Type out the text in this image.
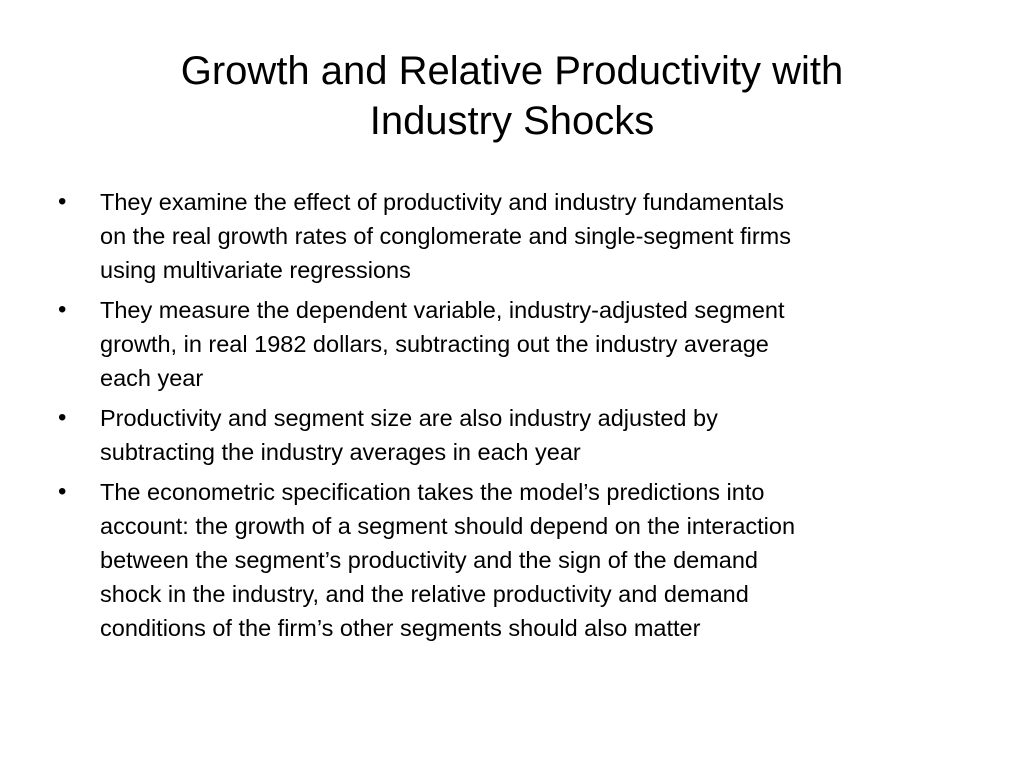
Growth and Relative Productivity with
Industry Shocks
• They examine the effect of productivity and industry fundamentals
on the real growth rates of conglomerate and single-segment firms
using multivariate regressions
• They measure the dependent variable, industry-adjusted segment
growth, in real 1982 dollars, subtracting out the industry average
each year
• Productivity and segment size are also industry adjusted by
subtracting the industry averages in each year
• The econometric specification takes the model’s predictions into
account: the growth of a segment should depend on the interaction
between the segment’s productivity and the sign of the demand
shock in the industry, and the relative productivity and demand
conditions of the firm’s other segments should also matter
